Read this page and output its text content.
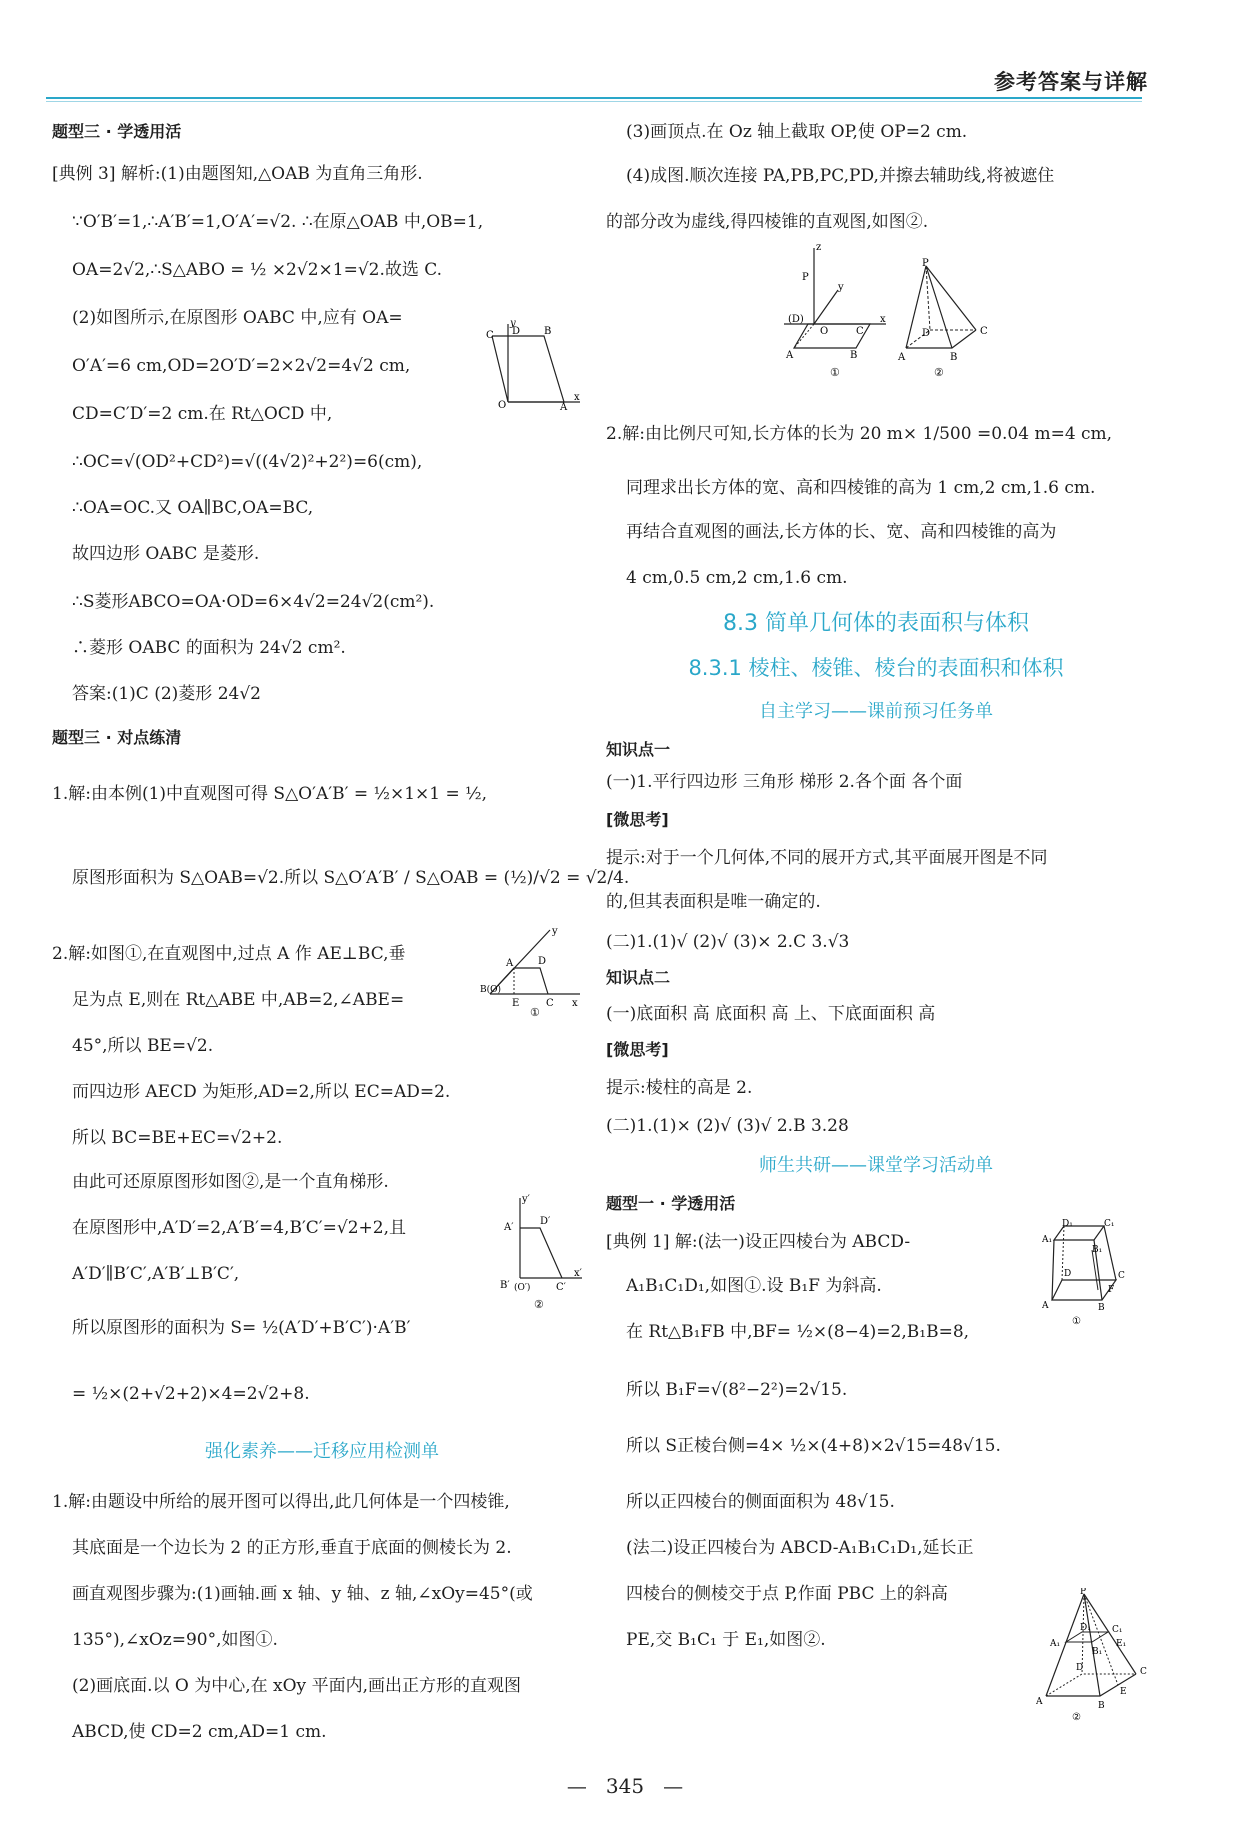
参考答案与详解
题型三 · 学透用活
[典例 3] 解析:(1)由题图知,△OAB 为直角三角形.
∵O′B′=1,∴A′B′=1,O′A′=√2. ∴在原△OAB 中,OB=1,
OA=2√2,∴S△ABO = ½ ×2√2×1=√2.故选 C.
(2)如图所示,在原图形 OABC 中,应有 OA=
O′A′=6 cm,OD=2O′D′=2×2√2=4√2 cm,
CD=C′D′=2 cm.在 Rt△OCD 中,
∴OC=√(OD²+CD²)=√((4√2)²+2²)=6(cm),
∴OA=OC.又 OA∥BC,OA=BC,
故四边形 OABC 是菱形.
∴S菱形ABCO=OA·OD=6×4√2=24√2(cm²).
∴菱形 OABC 的面积为 24√2 cm².
答案:(1)C (2)菱形 24√2
题型三 · 对点练清
1.解:由本例(1)中直观图可得 S△O′A′B′ = ½×1×1 = ½,
原图形面积为 S△OAB=√2.所以 S△O′A′B′ / S△OAB = (½)/√2 = √2/4.
2.解:如图①,在直观图中,过点 A 作 AE⊥BC,垂
足为点 E,则在 Rt△ABE 中,AB=2,∠ABE=
45°,所以 BE=√2.
而四边形 AECD 为矩形,AD=2,所以 EC=AD=2.
所以 BC=BE+EC=√2+2.
由此可还原原图形如图②,是一个直角梯形.
在原图形中,A′D′=2,A′B′=4,B′C′=√2+2,且
A′D′∥B′C′,A′B′⊥B′C′,
所以原图形的面积为 S= ½(A′D′+B′C′)·A′B′
= ½×(2+√2+2)×4=2√2+8.
强化素养——迁移应用检测单
1.解:由题设中所给的展开图可以得出,此几何体是一个四棱锥,
其底面是一个边长为 2 的正方形,垂直于底面的侧棱长为 2.
画直观图步骤为:(1)画轴.画 x 轴、y 轴、z 轴,∠xOy=45°(或
135°),∠xOz=90°,如图①.
(2)画底面.以 O 为中心,在 xOy 平面内,画出正方形的直观图
ABCD,使 CD=2 cm,AD=1 cm.
(3)画顶点.在 Oz 轴上截取 OP,使 OP=2 cm.
(4)成图.顺次连接 PA,PB,PC,PD,并擦去辅助线,将被遮住
的部分改为虚线,得四棱锥的直观图,如图②.
2.解:由比例尺可知,长方体的长为 20 m× 1/500 =0.04 m=4 cm,
同理求出长方体的宽、高和四棱锥的高为 1 cm,2 cm,1.6 cm.
再结合直观图的画法,长方体的长、宽、高和四棱锥的高为
4 cm,0.5 cm,2 cm,1.6 cm.
8.3 简单几何体的表面积与体积
8.3.1 棱柱、棱锥、棱台的表面积和体积
自主学习——课前预习任务单
知识点一
(一)1.平行四边形 三角形 梯形 2.各个面 各个面
[微思考]
提示:对于一个几何体,不同的展开方式,其平面展开图是不同
的,但其表面积是唯一确定的.
(二)1.(1)√ (2)√ (3)× 2.C 3.√3
知识点二
(一)底面积 高 底面积 高 上、下底面面积 高
[微思考]
提示:棱柱的高是 2.
(二)1.(1)× (2)√ (3)√ 2.B 3.28
师生共研——课堂学习活动单
题型一 · 学透用活
[典例 1] 解:(法一)设正四棱台为 ABCD-
A₁B₁C₁D₁,如图①.设 B₁F 为斜高.
在 Rt△B₁FB 中,BF= ½×(8−4)=2,B₁B=8,
所以 B₁F=√(8²−2²)=2√15.
所以 S正棱台侧=4× ½×(4+8)×2√15=48√15.
所以正四棱台的侧面面积为 48√15.
(法二)设正四棱台为 ABCD-A₁B₁C₁D₁,延长正
四棱台的侧棱交于点 P,作面 PBC 上的斜高
PE,交 B₁C₁ 于 E₁,如图②.
y
C D B
O	A
x
y
A D
B(O)
E	C x
①
y′
A′
D′
B′ (O′)	C′
x′
②
z
P
y
(D)
O	C
x
A	B
①
P
D	C
A	B
②
D₁	C₁
A₁
B₁
D	C
A
F
B
①
P
A₁
D₁ C₁
B₁
D	C
A	B
E
E₁
②
—   345   —
